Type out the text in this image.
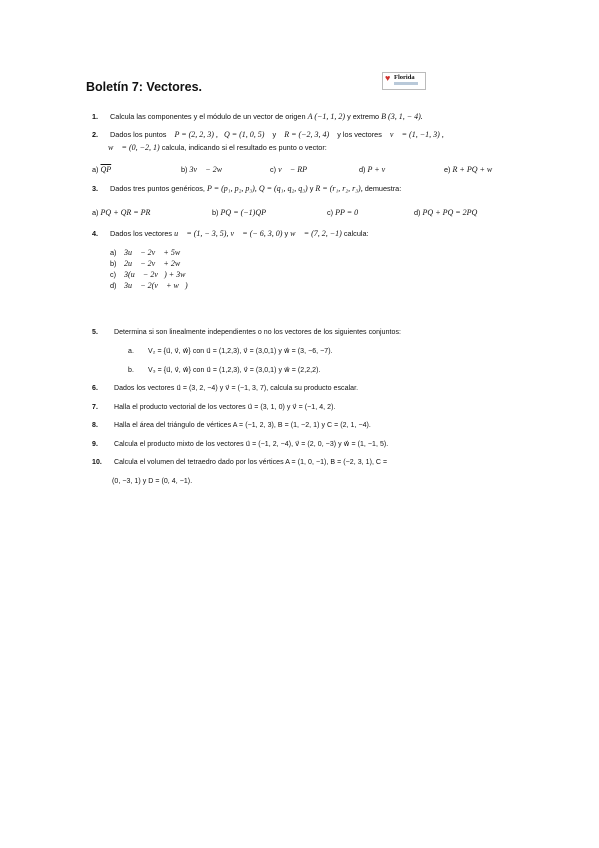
Boletín 7: Vectores.
♥ Florida
1. Calcula las componentes y el módulo de un vector de origen A (−1, 1, 2) y extremo B (3, 1, − 4).
2. Dados los puntos P = (2, 2, 3) , Q = (1, 0, 5) y R = (−2, 3, 4) y los vectores v⃗ = (1, −1, 3) ,
w⃗ = (0, −2, 1) calcula, indicando si el resultado es punto o vector:
a) $\overline{QP}$	b) 3v⃗ − 2w⃗	c) v⃗ − RP	d) P + v⃗	e) R + PQ + w⃗
3. Dados tres puntos genéricos, P = (p₁, p₂, p₃), Q = (q₁, q₂, q₃) y R = (r₁, r₂, r₃), demuestra:
a) PQ + QR = PR	b) PQ = (−1)QP	c) PP = 0⃗	d) PQ + PQ = 2PQ
4. Dados los vectores u⃗ = (1, − 3, 5), v⃗ = (− 6, 3, 0) y w⃗ = (7, 2, −1) calcula:
a) 3u⃗ − 2v⃗ + 5w⃗
b) 2u⃗ − 2v⃗ + 2w⃗
c) 3(u⃗ − 2v⃗) + 3w⃗
d) 3u⃗ − 2(v⃗ + w⃗)
5. Determina si son linealmente independientes o no los vectores de los siguientes conjuntos:
a. V₂ = {u⃗, v⃗, w⃗} con u⃗ = (1,2,3), v⃗ = (3,0,1) y w⃗ = (3, −6, −7).
b. V₃ = {u⃗, v⃗, w⃗} con u⃗ = (1,2,3), v⃗ = (3,0,1) y w⃗ = (2,2,2).
6. Dados los vectores u⃗ = (3, 2, −4) y v⃗ = (−1, 3, 7), calcula su producto escalar.
7. Halla el producto vectorial de los vectores u⃗ = (3, 1, 0) y v⃗ = (−1, 4, 2).
8. Halla el área del triángulo de vértices A = (−1, 2, 3), B = (1, −2, 1) y C = (2, 1, −4).
9. Calcula el producto mixto de los vectores u⃗ = (−1, 2, −4), v⃗ = (2, 0, −3) y w⃗ = (1, −1, 5).
10. Calcula el volumen del tetraedro dado por los vértices A = (1, 0, −1), B = (−2, 3, 1), C =
(0, −3, 1) y D = (0, 4, −1).
